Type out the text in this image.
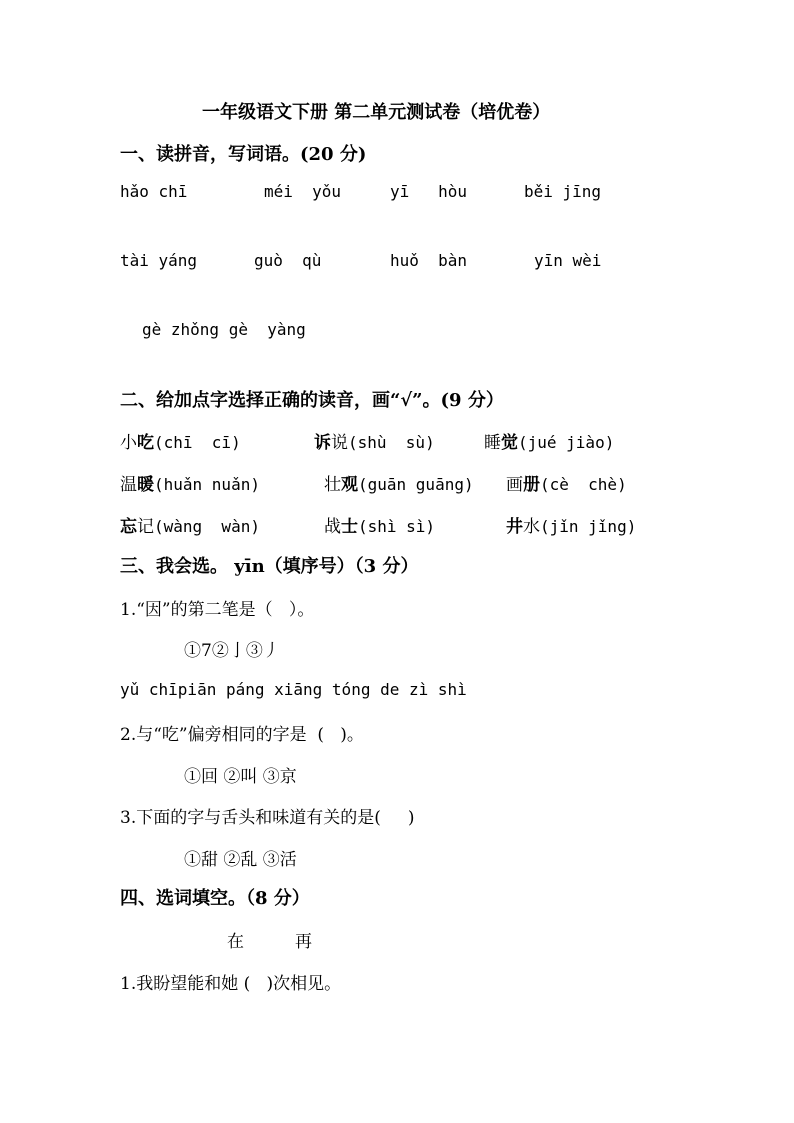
一年级语文下册 第二单元测试卷（培优卷）
一、读拼音，写词语。(20 分)
hǎo chī	méi  yǒu	yī   hòu	běi jīng
tài yáng	guò  qù	huǒ  bàn	yīn wèi
gè zhǒng gè  yàng
二、给加点字选择正确的读音，画“√”。(9 分）
小吃(chī  cī)	诉说(shù  sù)	睡觉(jué jiào)
温暖(huǎn nuǎn)	壮观(guān guāng) 画册(cè  chè)
忘记(wàng  wàn)	战士(shì sì)	井水(jǐn jǐng)
三、我会选。 yīn（填序号）（3 分）
1.“因”的第二笔是（   ）。
①7②亅③丿
yǔ chīpiān páng xiāng tóng de zì shì
2.与“吃”偏旁相同的字是  (   )。
①回 ②叫 ③京
3.下面的字与舌头和味道有关的是(     )
①甜 ②乱 ③活
四、选词填空。（8 分）
在	再
1.我盼望能和她 (   )次相见。
